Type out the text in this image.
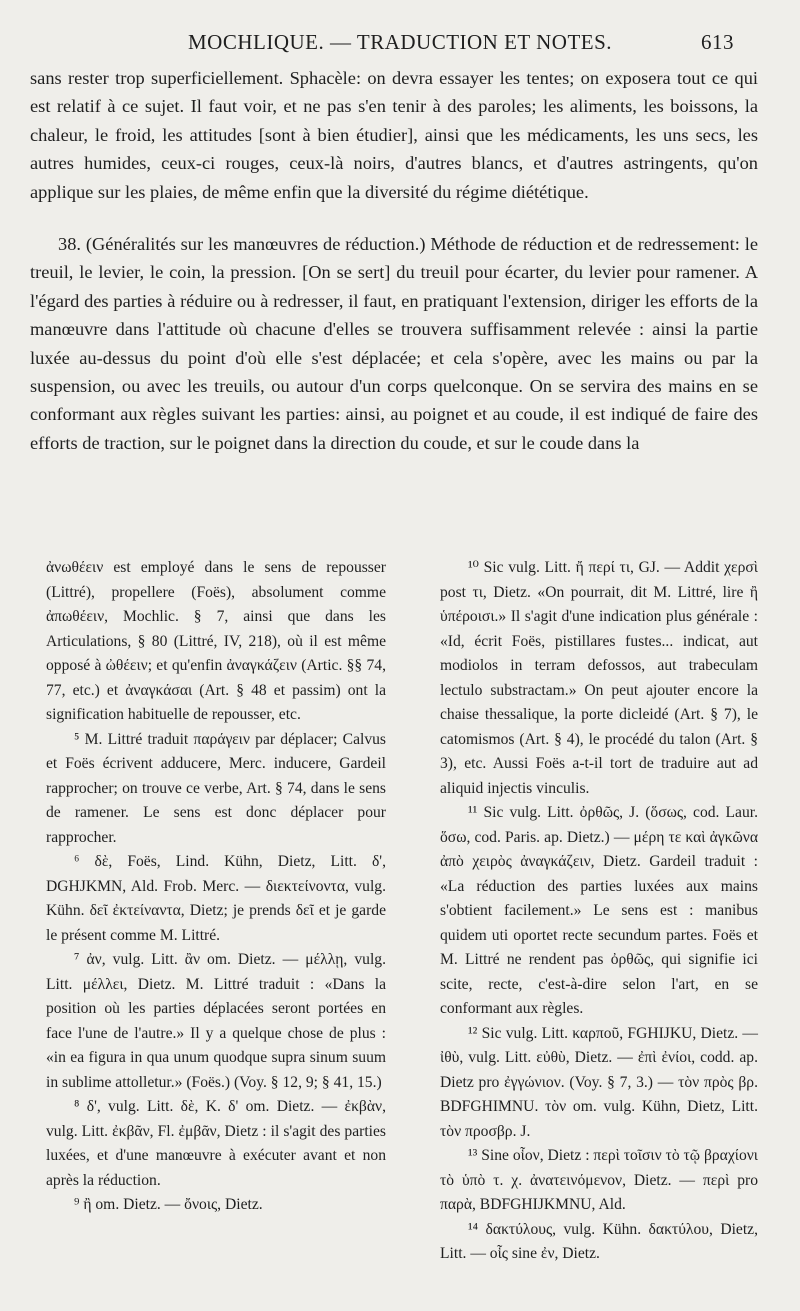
MOCHLIQUE. — TRADUCTION ET NOTES.	613

sans rester trop superficiellement. Sphacèle: on devra essayer les tentes; on exposera tout ce qui est relatif à ce sujet. Il faut voir, et ne pas s'en tenir à des paroles; les aliments, les boissons, la chaleur, le froid, les attitudes [sont à bien étudier], ainsi que les médicaments, les uns secs, les autres humides, ceux-ci rouges, ceux-là noirs, d'autres blancs, et d'autres astringents, qu'on applique sur les plaies, de même enfin que la diversité du régime diététique.

38. (Généralités sur les manœuvres de réduction.) Méthode de réduction et de redressement: le treuil, le levier, le coin, la pression. [On se sert] du treuil pour écarter, du levier pour ramener. A l'égard des parties à réduire ou à redresser, il faut, en pratiquant l'extension, diriger les efforts de la manœuvre dans l'attitude où chacune d'elles se trouvera suffisamment relevée : ainsi la partie luxée au-dessus du point d'où elle s'est déplacée; et cela s'opère, avec les mains ou par la suspension, ou avec les treuils, ou autour d'un corps quelconque. On se servira des mains en se conformant aux règles suivant les parties: ainsi, au poignet et au coude, il est indiqué de faire des efforts de traction, sur le poignet dans la direction du coude, et sur le coude dans la

ἀνωθέειν est employé dans le sens de repousser (Littré), propellere (Foës), absolument comme ἀπωθέειν, Mochlic. § 7, ainsi que dans les Articulations, § 80 (Littré, IV, 218), où il est même opposé à ὠθέειν; et qu'enfin ἀναγκάζειν (Artic. §§ 74, 77, etc.) et ἀναγκάσαι (Art. § 48 et passim) ont la signification habituelle de repousser, etc.

⁵ M. Littré traduit παράγειν par déplacer; Calvus et Foës écrivent adducere, Merc. inducere, Gardeil rapprocher; on trouve ce verbe, Art. § 74, dans le sens de ramener. Le sens est donc déplacer pour rapprocher.

⁶ δὲ, Foës, Lind. Kühn, Dietz, Litt. δ', DGHJKMN, Ald. Frob. Merc. — διεκτείνοντα, vulg. Kühn. δεῖ ἐκτείναντα, Dietz; je prends δεῖ et je garde le présent comme M. Littré.

⁷ ἀν, vulg. Litt. ἂν om. Dietz. — μέλλῃ, vulg. Litt. μέλλει, Dietz. M. Littré traduit : «Dans la position où les parties déplacées seront portées en face l'une de l'autre.» Il y a quelque chose de plus : «in ea figura in qua unum quodque supra sinum suum in sublime attolletur.» (Foës.) (Voy. § 12, 9; § 41, 15.)

⁸ δ', vulg. Litt. δὲ, K. δ' om. Dietz. — ἐκβὰν, vulg. Litt. ἐκβᾶν, Fl. ἐμβᾶν, Dietz : il s'agit des parties luxées, et d'une manœuvre à exécuter avant et non après la réduction.

⁹ ἢ om. Dietz. — ὄνοις, Dietz.

¹⁰ Sic vulg. Litt. ἤ περί τι, GJ. — Addit χερσὶ post τι, Dietz. «On pourrait, dit M. Littré, lire ἢ ὑπέροισι.» Il s'agit d'une indication plus générale : «Id, écrit Foës, pistillares fustes... indicat, aut modiolos in terram defossos, aut trabeculam lectulo substractam.» On peut ajouter encore la chaise thessalique, la porte dicleidé (Art. § 7), le catomismos (Art. § 4), le procédé du talon (Art. § 3), etc. Aussi Foës a-t-il tort de traduire aut ad aliquid injectis vinculis.

¹¹ Sic vulg. Litt. ὀρθῶς, J. (ὅσως, cod. Laur. ὅσω, cod. Paris. ap. Dietz.) — μέρη τε καὶ ἀγκῶνα ἀπὸ χειρὸς ἀναγκάζειν, Dietz. Gardeil traduit : «La réduction des parties luxées aux mains s'obtient facilement.» Le sens est : manibus quidem uti oportet recte secundum partes. Foës et M. Littré ne rendent pas ὀρθῶς, qui signifie ici scite, recte, c'est-à-dire selon l'art, en se conformant aux règles.

¹² Sic vulg. Litt. καρποῦ, FGHIJKU, Dietz. — ἰθὺ, vulg. Litt. εὐθὺ, Dietz. — ἐπὶ ἐνίοι, codd. ap. Dietz pro ἐγγώνιον. (Voy. § 7, 3.) — τὸν πρὸς βρ. BDFGHIMNU. τὸν om. vulg. Kühn, Dietz, Litt. τὸν προσβρ. J.

¹³ Sine οἷον, Dietz : περὶ τοῖσιν τὸ τῷ βραχίονι τὸ ὑπὸ τ. χ. ἀνατεινόμενον, Dietz. — περὶ pro παρὰ, BDFGHIJKMNU, Ald.

¹⁴ δακτύλους, vulg. Kühn. δακτύλου, Dietz, Litt. — οἷς sine ἐν, Dietz.
